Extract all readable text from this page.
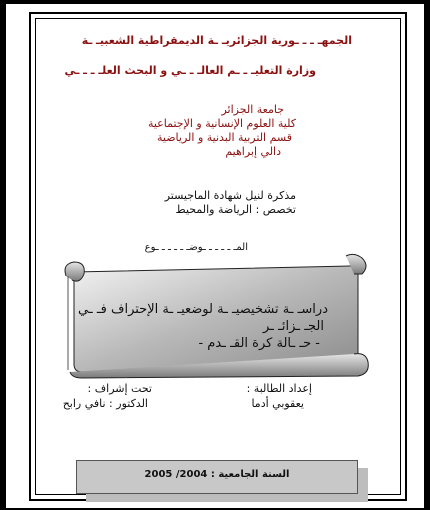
الجمهـ ـ ـ ـورية الجزائريـ ـة الديمقراطية الشعبيـ ـة
وزارة التعليـ ـ ـم العالـ ـ ـي و البحث العلـ ـ ـ ـي
جامعة الجزائر
كلية العلوم الإنسانية و الإجتماعية
قسم التربية البدنية و الرياضية
دالي إبراهيم
مذكرة لنيل شهادة الماجيستر
تخصص : الرياضة والمحيط
المـ ـ ـ ـ ـ ـوضـ ـ ـ ـ ـ ـوع
دراسـ ـة تشخيصيـ ـة لوضعيـ ـة الإحتراف فـ ـي
الجـ ـزائـ ـر
- حـ ـالة كرة القـ ـدم -
إعداد الطالبة :
يعقوبي أدما
تحت إشراف :
الدكتور : نافي رابح
السنة الجامعية : 2004/ 2005
